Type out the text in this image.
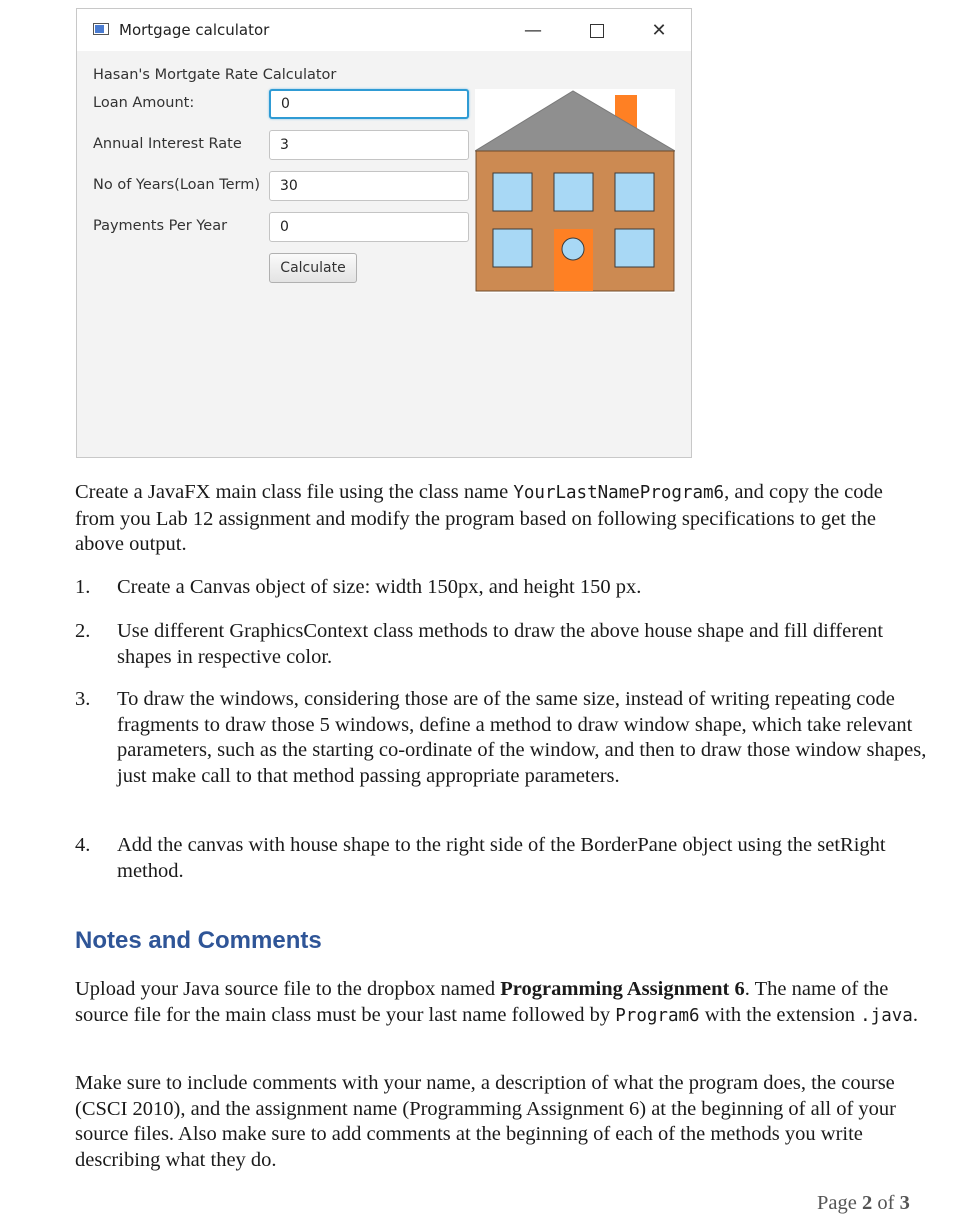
Mortgage calculator	—	✕
Hasan's Mortgate Rate Calculator
Loan Amount:
0
Annual Interest Rate
3
No of Years(Loan Term)
30
Payments Per Year
0
Calculate

Create a JavaFX main class file using the class name YourLastNameProgram6, and copy the code from you Lab 12 assignment and modify the program based on following specifications to get the above output.

1. Create a Canvas object of size: width 150px, and height 150 px.

2. Use different GraphicsContext class methods to draw the above house shape and fill different shapes in respective color.

3. To draw the windows, considering those are of the same size, instead of writing repeating code fragments to draw those 5 windows, define a method to draw window shape, which take relevant parameters, such as the starting co-ordinate of the window, and then to draw those window shapes, just make call to that method passing appropriate parameters.

4. Add the canvas with house shape to the right side of the BorderPane object using the setRight method.

Notes and Comments

Upload your Java source file to the dropbox named Programming Assignment 6. The name of the source file for the main class must be your last name followed by Program6 with the extension .java.

Make sure to include comments with your name, a description of what the program does, the course (CSCI 2010), and the assignment name (Programming Assignment 6) at the beginning of all of your source files. Also make sure to add comments at the beginning of each of the methods you write describing what they do.

Page 2 of 3
